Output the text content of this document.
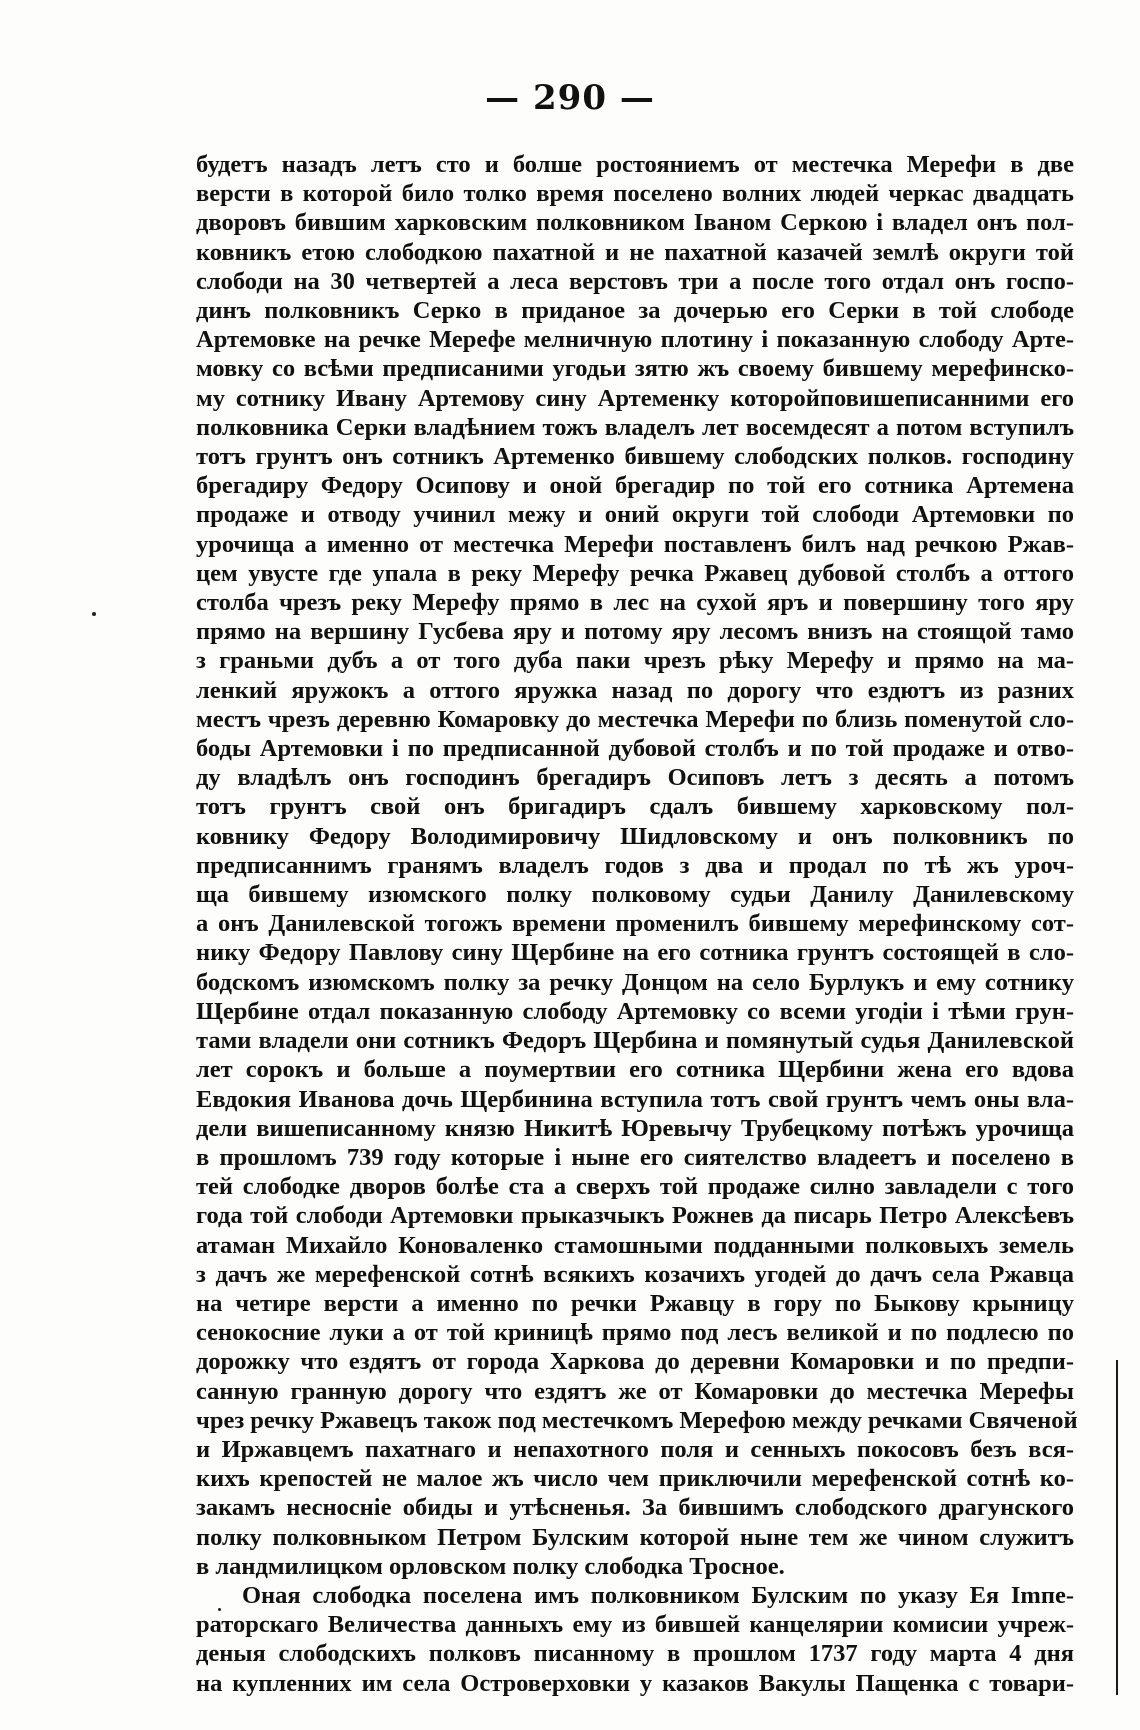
— 290 —
будетъ назадъ летъ сто и болше ростояниемъ от местечка Мерефи в две
версти в которой било толко время поселено волних людей черкас двадцать
дворовъ бившим харковским полковником Іваном Серкою і владел онъ пол-
ковникъ етою слободкою пахатной и не пахатной казачей землѣ округи той
слободи на 30 четвертей а леса верстовъ три а после того отдал онъ госпо-
динъ полковникъ Серко в приданое за дочерью его Серки в той слободе
Артемовке на речке Мерефе мелничную плотину і показанную слободу Арте-
мовку со всѣми предписаними угодьи зятю жъ своему бившему мерефинско-
му сотнику Ивану Артемову сину Артеменку которойповишеписанними его
полковника Серки владѣнием тожъ владелъ лет восемдесят а потом вступилъ
тотъ грунтъ онъ сотникъ Артеменко бившему слободских полков. господину
брегадиру Федору Осипову и оной брегадир по той его сотника Артемена
продаже и отводу учинил межу и оний округи той слободи Артемовки по
урочища а именно от местечка Мерефи поставленъ билъ над речкою Ржав-
цем увусте где упала в реку Мерефу речка Ржавец дубовой столбъ а оттого
столба чрезъ реку Мерефу прямо в лес на сухой яръ и повершину того яру
прямо на вершину Гусбева яру и потому яру лесомъ внизъ на стоящой тамо
з граньми дубъ а от того дуба паки чрезъ рѣку Мерефу и прямо на ма-
ленкий ярyжокъ а оттого ярyжка назад по дорогу что ездютъ из разних
местъ чрезъ деревню Комаровку до местечка Мерефи по близь поменутой сло-
боды Артемовки і по предписанной дубовой столбъ и по той продаже и отво-
ду владѣлъ онъ господинъ брегадиръ Осиповъ летъ з десять а потомъ
тотъ грунтъ свой онъ бригадиръ сдалъ бившему харковскому пол-
ковнику Федору Володимировичу Шидловскому и онъ полковникъ по
предписаннимъ гранямъ владелъ годов з два и продал по тѣ жъ уроч-
ща бившему изюмского полку полковому судьи Данилу Данилевскому
а онъ Данилевской тогожъ времени променилъ бившему мерефинскому сот-
нику Федору Павлову сину Щербине на его сотника грунтъ состоящей в сло-
бодскомъ изюмскомъ полку за речку Донцом на село Бурлукъ и ему сотнику
Щербине отдал показанную слободу Артемовку со всеми угодіи і тѣми грун-
тами владели они сотникъ Федоръ Щербина и помянутый судья Данилевской
лет сорокъ и больше а поумертвии его сотника Щербини жена его вдова
Евдокия Иванова дочь Щербинина вступила тотъ свой грунтъ чемъ оны вла-
дели вишеписанному князю Никитѣ Юревычу Трубецкому потѣжъ урочища
в прошломъ 739 году которые і ныне его сиятелство владеетъ и поселено в
тей слободке дворов болѣе ста а сверхъ той продаже силно завладели с того
года той слободи Артемовки прыказчыкъ Рожнев да писарь Петро Алексѣевъ
атаман Михайло Коноваленко стамошными подданными полковыхъ земель
з дачъ же мерефенской сотнѣ всякихъ козачихъ угодей до дачъ села Ржавца
на четире версти а именно по речки Ржавцу в гору по Быкову крыницу
сенокосние луки а от той криницѣ прямо под лесъ великой и по подлесю по
дорожку что ездятъ от города Харкова до деревни Комаровки и по предпи-
санную гранную дорогу что ездятъ же от Комаровки до местечка Мерефы
чрез речку Ржавецъ також под местечкомъ Мерефою между речками Свяченой
и Иржавцемъ пахатнаго и непахотного поля и сенныхъ покосовъ безъ вся-
кихъ крепостей не малое жъ число чем приключили мерефенской сотнѣ ко-
закамъ несносніе обиды и утѣсненья. За бившимъ слободского драгунского
полку полковныком Петром Булским которой ныне тем же чином служитъ
в ландмилицком орловском полку слободка Тросное.
Оная слободка поселена имъ полковником Булским по указу Ея Іmпе-
раторскаго Величества данныхъ ему из бившей канцелярии комисии учреж-
деныя слободскихъ полковъ писанному в прошлом 1737 году марта 4 дня
на купленних им села Островерховки у казаков Вакулы Пащенка с товари-
